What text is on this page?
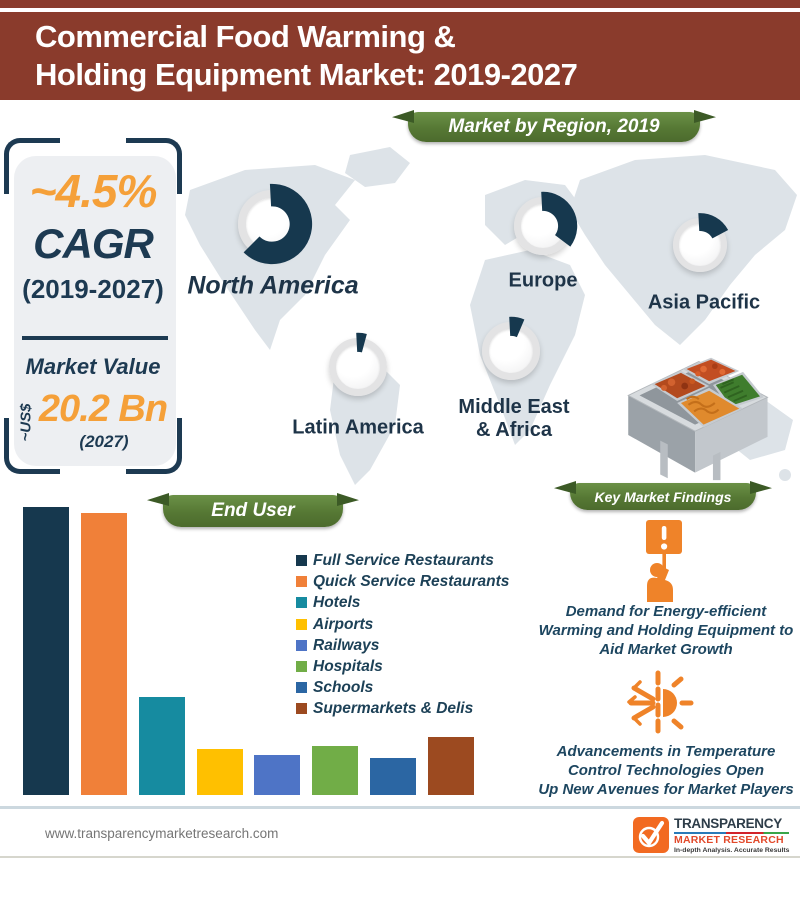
Commercial Food Warming &
Holding Equipment Market: 2019-2027
Market by Region, 2019
~4.5%
CAGR
(2019-2027)
Market Value
~US$ 20.2 Bn
(2027)
North America	Europe
Asia Pacific
Latin America
Middle East
& Africa
End User
Full Service Restaurants
Quick Service Restaurants
Hotels
Airports
Railways
Hospitals
Schools
Supermarkets & Delis
Key Market Findings
Demand for Energy-efficient
Warming and Holding Equipment to
Aid Market Growth
Advancements in Temperature
Control Technologies Open
Up New Avenues for Market Players
www.transparencymarketresearch.com
TRANSPARENCY
MARKET RESEARCH
In-depth Analysis. Accurate Results
